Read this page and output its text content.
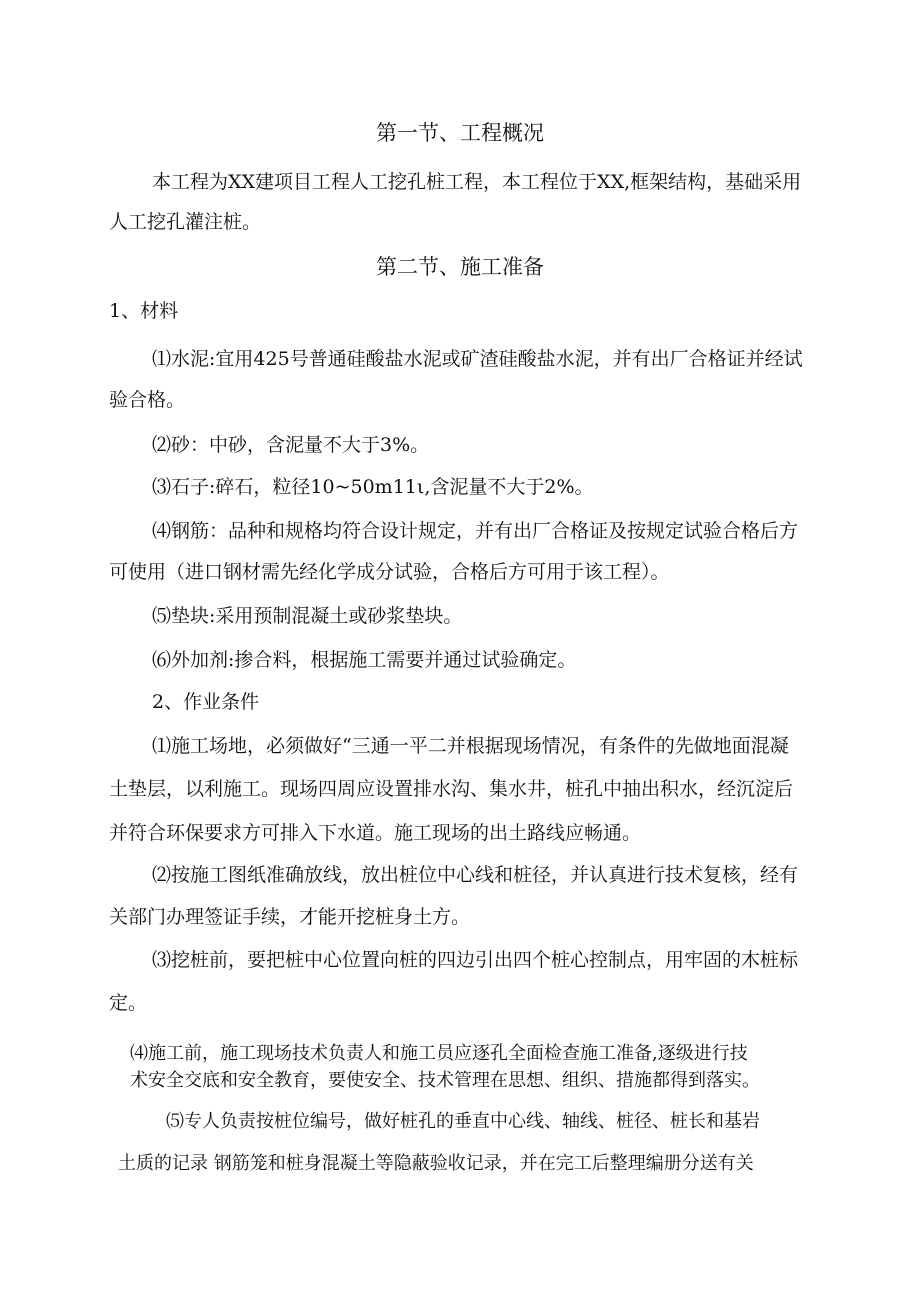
第一节、工程概况
本工程为XX建项目工程人工挖孔桩工程，本工程位于XX,框架结构，基础采用
人工挖孔灌注桩。
第二节、施工准备
1、材料
⑴水泥:宜用425号普通硅酸盐水泥或矿渣硅酸盐水泥，并有出厂合格证并经试
验合格。
⑵砂：中砂，含泥量不大于3%。
⑶石子:碎石，粒径10~50m11ι,含泥量不大于2%。
⑷钢筋：品种和规格均符合设计规定，并有出厂合格证及按规定试验合格后方
可使用（进口钢材需先经化学成分试验，合格后方可用于该工程）。
⑸垫块:采用预制混凝土或砂浆垫块。
⑹外加剂:掺合料，根据施工需要并通过试验确定。
2、作业条件
⑴施工场地，必须做好“三通一平二并根据现场情况，有条件的先做地面混凝
土垫层，以利施工。现场四周应设置排水沟、集水井，桩孔中抽出积水，经沉淀后
并符合环保要求方可排入下水道。施工现场的出土路线应畅通。
⑵按施工图纸准确放线，放出桩位中心线和桩径，并认真进行技术复核，经有
关部门办理签证手续，才能开挖桩身土方。
⑶挖桩前，要把桩中心位置向桩的四边引出四个桩心控制点，用牢固的木桩标
定。
⑷施工前，施工现场技术负责人和施工员应逐孔全面检查施工准备,逐级进行技
术安全交底和安全教育，要使安全、技术管理在思想、组织、措施都得到落实。
⑸专人负责按桩位编号，做好桩孔的垂直中心线、轴线、桩径、桩长和基岩
土质的记录 钢筋笼和桩身混凝土等隐蔽验收记录，并在完工后整理编册分送有关
